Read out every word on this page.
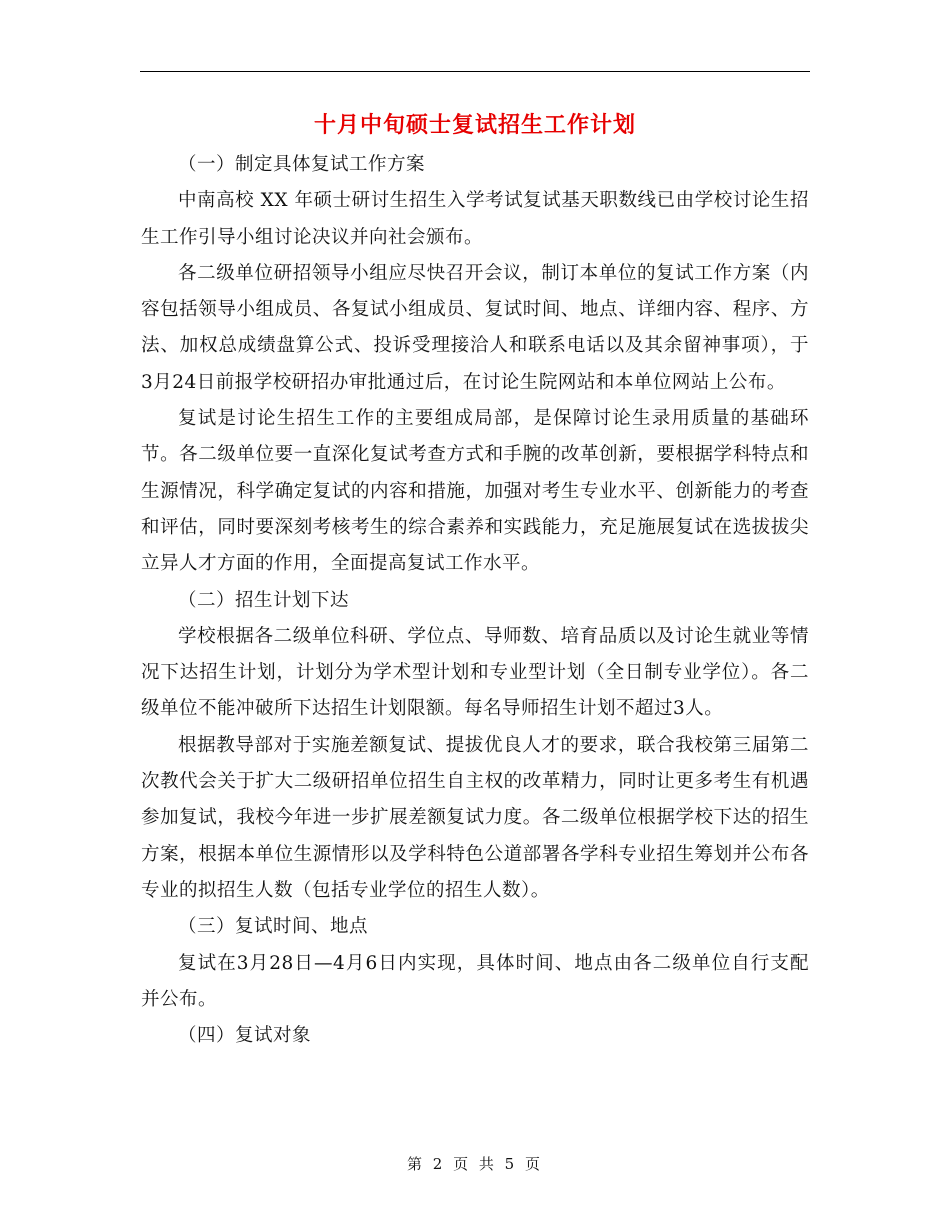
十月中旬硕士复试招生工作计划

（一）制定具体复试工作方案

中南高校 XX 年硕士研讨生招生入学考试复试基天职数线已由学校讨论生招生工作引导小组讨论决议并向社会颁布。

各二级单位研招领导小组应尽快召开会议，制订本单位的复试工作方案（内容包括领导小组成员、各复试小组成员、复试时间、地点、详细内容、程序、方法、加权总成绩盘算公式、投诉受理接洽人和联系电话以及其余留神事项），于3月24日前报学校研招办审批通过后，在讨论生院网站和本单位网站上公布。

复试是讨论生招生工作的主要组成局部，是保障讨论生录用质量的基础环节。各二级单位要一直深化复试考查方式和手腕的改革创新，要根据学科特点和生源情况，科学确定复试的内容和措施，加强对考生专业水平、创新能力的考查和评估，同时要深刻考核考生的综合素养和实践能力，充足施展复试在选拔拔尖立异人才方面的作用，全面提高复试工作水平。

（二）招生计划下达

学校根据各二级单位科研、学位点、导师数、培育品质以及讨论生就业等情况下达招生计划，计划分为学术型计划和专业型计划（全日制专业学位）。各二级单位不能冲破所下达招生计划限额。每名导师招生计划不超过3人。

根据教导部对于实施差额复试、提拔优良人才的要求，联合我校第三届第二次教代会关于扩大二级研招单位招生自主权的改革精力，同时让更多考生有机遇参加复试，我校今年进一步扩展差额复试力度。各二级单位根据学校下达的招生方案，根据本单位生源情形以及学科特色公道部署各学科专业招生筹划并公布各专业的拟招生人数（包括专业学位的招生人数）。

（三）复试时间、地点

复试在3月28日—4月6日内实现，具体时间、地点由各二级单位自行支配并公布。

（四）复试对象

第 2 页 共 5 页
